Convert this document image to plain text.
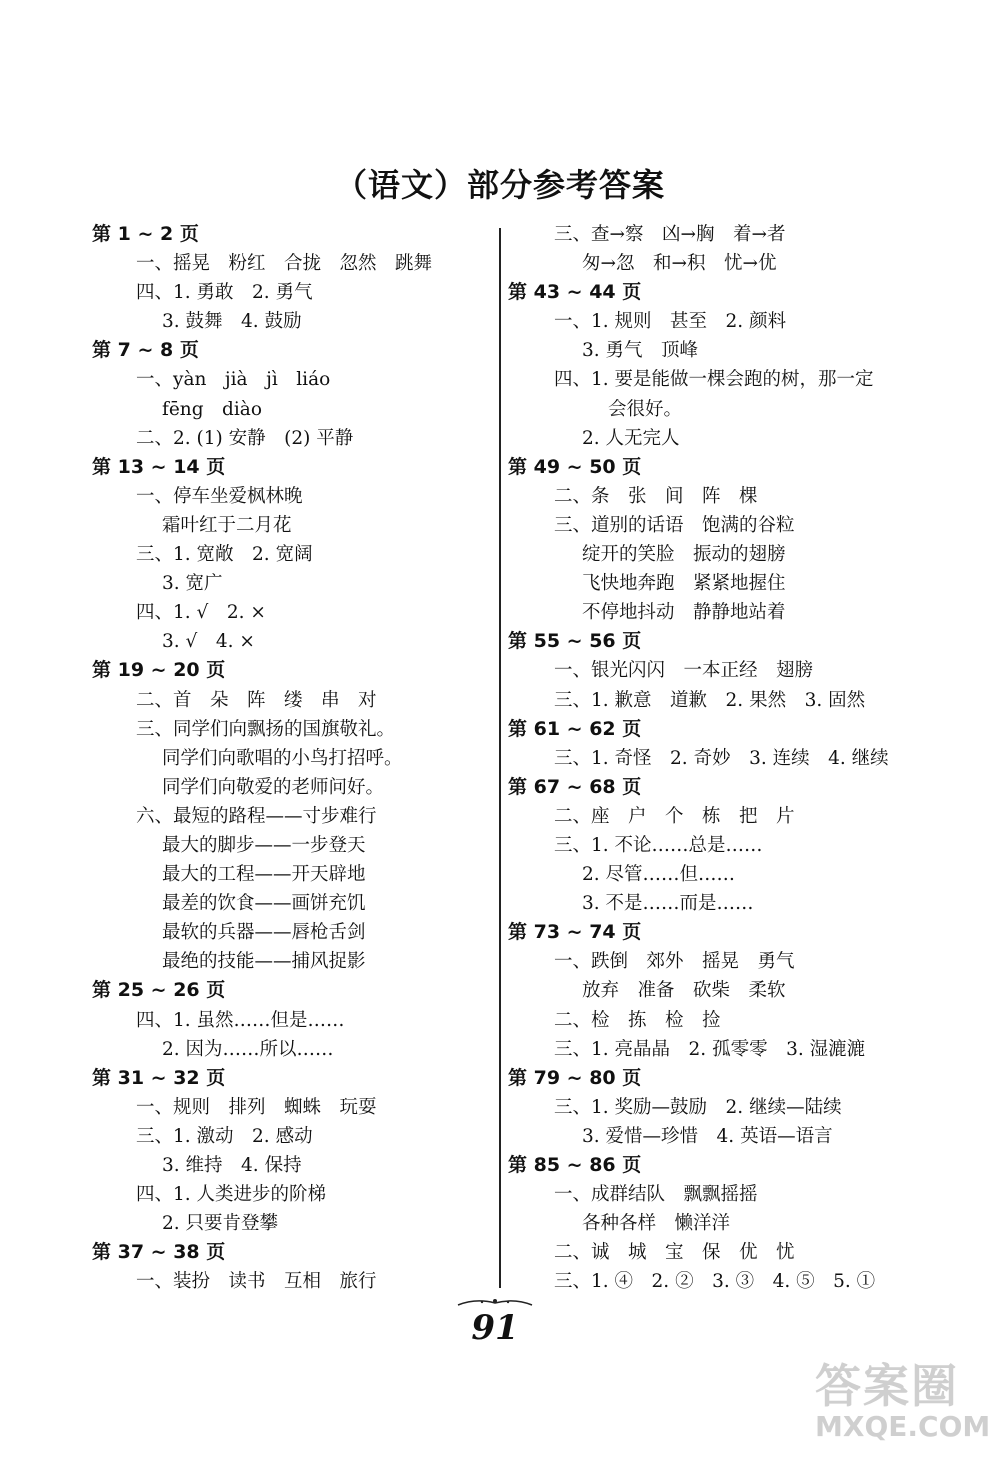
（语文）部分参考答案
第 1 ~ 2 页
一、摇晃　粉红　合拢　忽然　跳舞
四、1. 勇敢　2. 勇气
3. 鼓舞　4. 鼓励
第 7 ~ 8 页
一、yàn　jià　jì　liáo
fēng　diào
二、2. (1) 安静　(2) 平静
第 13 ~ 14 页
一、停车坐爱枫林晚
霜叶红于二月花
三、1. 宽敞　2. 宽阔
3. 宽广
四、1. √　2. ×
3. √　4. ×
第 19 ~ 20 页
二、首　朵　阵　缕　串　对
三、同学们向飘扬的国旗敬礼。
同学们向歌唱的小鸟打招呼。
同学们向敬爱的老师问好。
六、最短的路程——寸步难行
最大的脚步——一步登天
最大的工程——开天辟地
最差的饮食——画饼充饥
最软的兵器——唇枪舌剑
最绝的技能——捕风捉影
第 25 ~ 26 页
四、1. 虽然……但是……
2. 因为……所以……
第 31 ~ 32 页
一、规则　排列　蜘蛛　玩耍
三、1. 激动　2. 感动
3. 维持　4. 保持
四、1. 人类进步的阶梯
2. 只要肯登攀
第 37 ~ 38 页
一、装扮　读书　互相　旅行
三、查→察　凶→胸　着→者
匆→忽　和→积　忧→优
第 43 ~ 44 页
一、1. 规则　甚至　2. 颜料
3. 勇气　顶峰
四、1. 要是能做一棵会跑的树，那一定
会很好。
2. 人无完人
第 49 ~ 50 页
二、条　张　间　阵　棵
三、道别的话语　饱满的谷粒
绽开的笑脸　振动的翅膀
飞快地奔跑　紧紧地握住
不停地抖动　静静地站着
第 55 ~ 56 页
一、银光闪闪　一本正经　翅膀
三、1. 歉意　道歉　2. 果然　3. 固然
第 61 ~ 62 页
三、1. 奇怪　2. 奇妙　3. 连续　4. 继续
第 67 ~ 68 页
二、座　户　个　栋　把　片
三、1. 不论……总是……
2. 尽管……但……
3. 不是……而是……
第 73 ~ 74 页
一、跌倒　郊外　摇晃　勇气
放弃　准备　砍柴　柔软
二、检　拣　检　捡
三、1. 亮晶晶　2. 孤零零　3. 湿漉漉
第 79 ~ 80 页
三、1. 奖励—鼓励　2. 继续—陆续
3. 爱惜—珍惜　4. 英语—语言
第 85 ~ 86 页
一、成群结队　飘飘摇摇
各种各样　懒洋洋
二、诚　城　宝　保　优　忧
三、1. ④　2. ②　3. ③　4. ⑤　5. ①
91
答案圈
MXQE.COM
